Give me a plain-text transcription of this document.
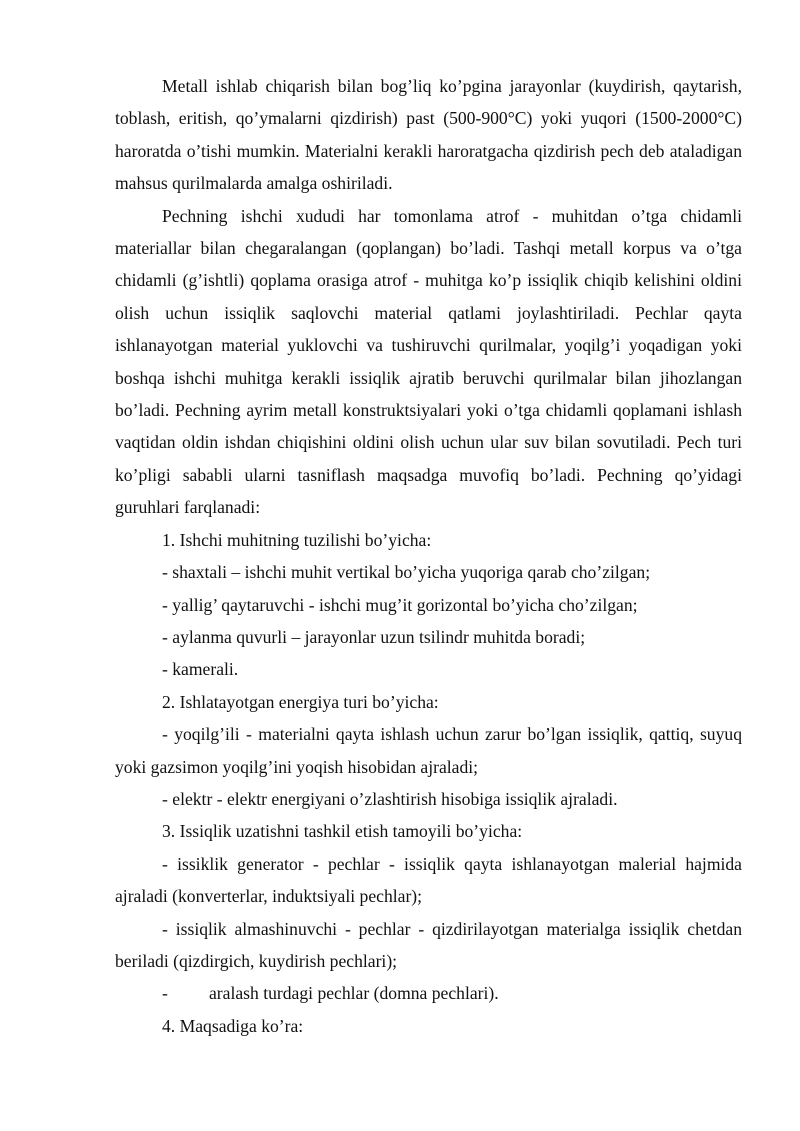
Metall ishlab chiqarish bilan bog’liq ko’pgina jarayonlar (kuydirish, qaytarish, toblash, eritish, qo’ymalarni qizdirish) past (500-900°C) yoki yuqori (1500-2000°C) haroratda o’tishi mumkin. Materialni kerakli haroratgacha qizdirish pech deb ataladigan mahsus qurilmalarda amalga oshiriladi.

Pechning ishchi xududi har tomonlama atrof - muhitdan o’tga chidamli materiallar bilan chegaralangan (qoplangan) bo’ladi. Tashqi metall korpus va o’tga chidamli (g’ishtli) qoplama orasiga atrof - muhitga ko’p issiqlik chiqib kelishini oldini olish uchun issiqlik saqlovchi material qatlami joylashtiriladi. Pechlar qayta ishlanayotgan material yuklovchi va tushiruvchi qurilmalar, yoqilg’i yoqadigan yoki boshqa ishchi muhitga kerakli issiqlik ajratib beruvchi qurilmalar bilan jihozlangan bo’ladi. Pechning ayrim metall konstruktsiyalari yoki o’tga chidamli qoplamani ishlash vaqtidan oldin ishdan chiqishini oldini olish uchun ular suv bilan sovutiladi. Pech turi ko’pligi sababli ularni tasniflash maqsadga muvofiq bo’ladi. Pechning qo’yidagi guruhlari farqlanadi:

1. Ishchi muhitning tuzilishi bo’yicha:

- shaxtali – ishchi muhit vertikal bo’yicha yuqoriga qarab cho’zilgan;

- yallig’ qaytaruvchi - ishchi mug’it gorizontal bo’yicha cho’zilgan;

- aylanma quvurli – jarayonlar uzun tsilindr muhitda boradi;

- kamerali.

2. Ishlatayotgan energiya turi bo’yicha:

- yoqilg’ili - materialni qayta ishlash uchun zarur bo’lgan issiqlik, qattiq, suyuq yoki gazsimon yoqilg’ini yoqish hisobidan ajraladi;

- elektr - elektr energiyani o’zlashtirish hisobiga issiqlik ajraladi.

3. Issiqlik uzatishni tashkil etish tamoyili bo’yicha:

- issiklik generator - pechlar - issiqlik qayta ishlanayotgan malerial hajmida ajraladi (konverterlar, induktsiyali pechlar);

- issiqlik almashinuvchi - pechlar - qizdirilayotgan materialga issiqlik chetdan beriladi (qizdirgich, kuydirish pechlari);

- aralash turdagi pechlar (domna pechlari).

4. Maqsadiga ko’ra:
